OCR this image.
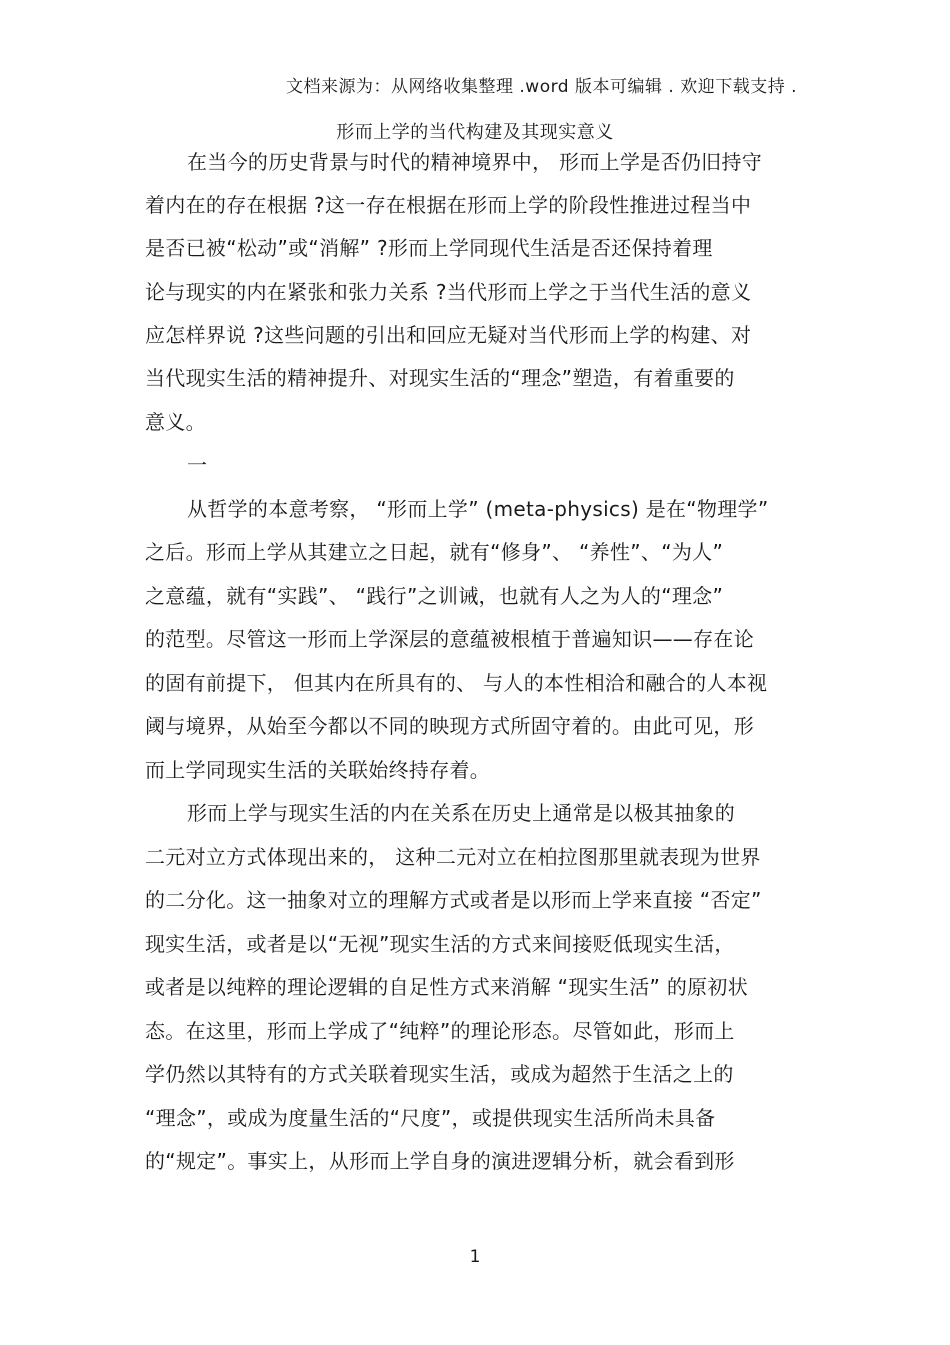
文档来源为：从网络收集整理 .word 版本可编辑 . 欢迎下载支持 .
形而上学的当代构建及其现实意义
在当今的历史背景与时代的精神境界中， 形而上学是否仍旧持守
着内在的存在根据 ?这一存在根据在形而上学的阶段性推进过程当中
是否已被“松动”或“消解” ?形而上学同现代生活是否还保持着理
论与现实的内在紧张和张力关系 ?当代形而上学之于当代生活的意义
应怎样界说 ?这些问题的引出和回应无疑对当代形而上学的构建、对
当代现实生活的精神提升、对现实生活的“理念”塑造，有着重要的
意义。
一
从哲学的本意考察， “形而上学” (meta-physics) 是在“物理学”
之后。形而上学从其建立之日起，就有“修身”、 “养性”、“为人”
之意蕴，就有“实践”、 “践行”之训诫，也就有人之为人的“理念”
的范型。尽管这一形而上学深层的意蕴被根植于普遍知识——存在论
的固有前提下， 但其内在所具有的、 与人的本性相洽和融合的人本视
阈与境界，从始至今都以不同的映现方式所固守着的。由此可见，形
而上学同现实生活的关联始终持存着。
形而上学与现实生活的内在关系在历史上通常是以极其抽象的
二元对立方式体现出来的， 这种二元对立在柏拉图那里就表现为世界
的二分化。这一抽象对立的理解方式或者是以形而上学来直接 “否定”
现实生活，或者是以“无视”现实生活的方式来间接贬低现实生活，
或者是以纯粹的理论逻辑的自足性方式来消解 “现实生活” 的原初状
态。在这里，形而上学成了“纯粹”的理论形态。尽管如此，形而上
学仍然以其特有的方式关联着现实生活，或成为超然于生活之上的
“理念”，或成为度量生活的“尺度”，或提供现实生活所尚未具备
的“规定”。事实上，从形而上学自身的演进逻辑分析，就会看到形
1
